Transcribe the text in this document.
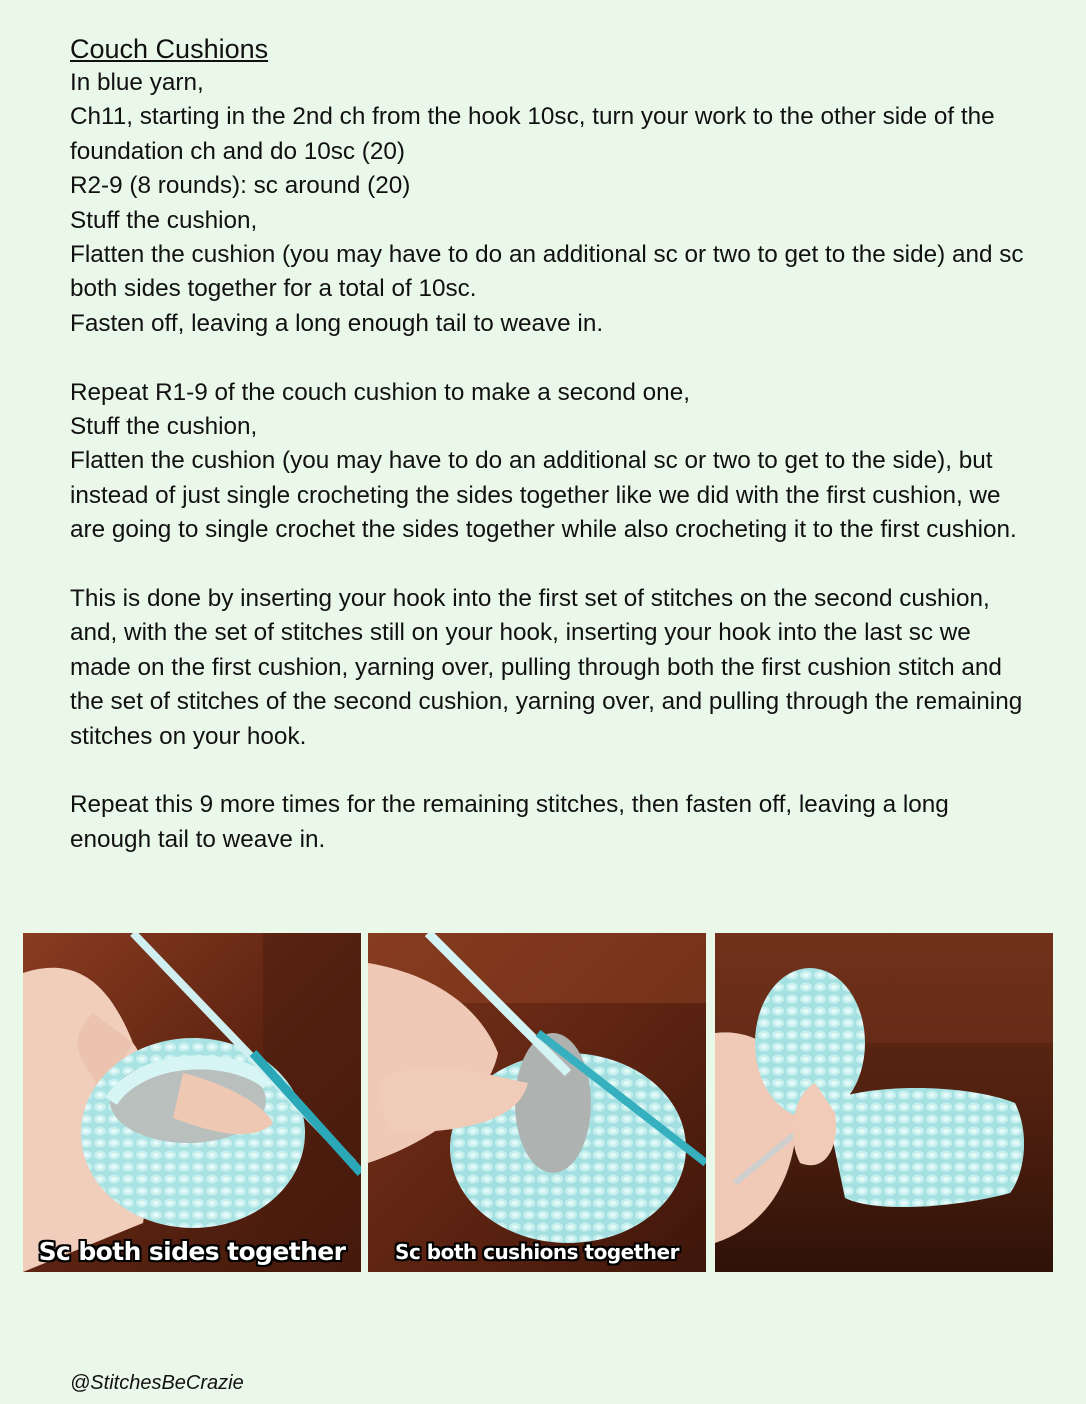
Couch Cushions

In blue yarn,

Ch11, starting in the 2nd ch from the hook 10sc, turn your work to the other side of the foundation ch and do 10sc (20)

R2-9 (8 rounds): sc around (20)

Stuff the cushion,

Flatten the cushion (you may have to do an additional sc or two to get to the side) and sc both sides together for a total of 10sc.

Fasten off, leaving a long enough tail to weave in.

Repeat R1-9 of the couch cushion to make a second one,

Stuff the cushion,

Flatten the cushion (you may have to do an additional sc or two to get to the side), but instead of just single crocheting the sides together like we did with the first cushion, we are going to single crochet the sides together while also crocheting it to the first cushion.

This is done by inserting your hook into the first set of stitches on the second cushion, and, with the set of stitches still on your hook, inserting your hook into the last sc we made on the first cushion, yarning over, pulling through both the first cushion stitch and the set of stitches of the second cushion, yarning over, and pulling through the remaining stitches on your hook.

Repeat this 9 more times for the remaining stitches, then fasten off, leaving a long enough tail to weave in.

Sc both sides together	Sc both cushions together
@StitchesBeCrazie
